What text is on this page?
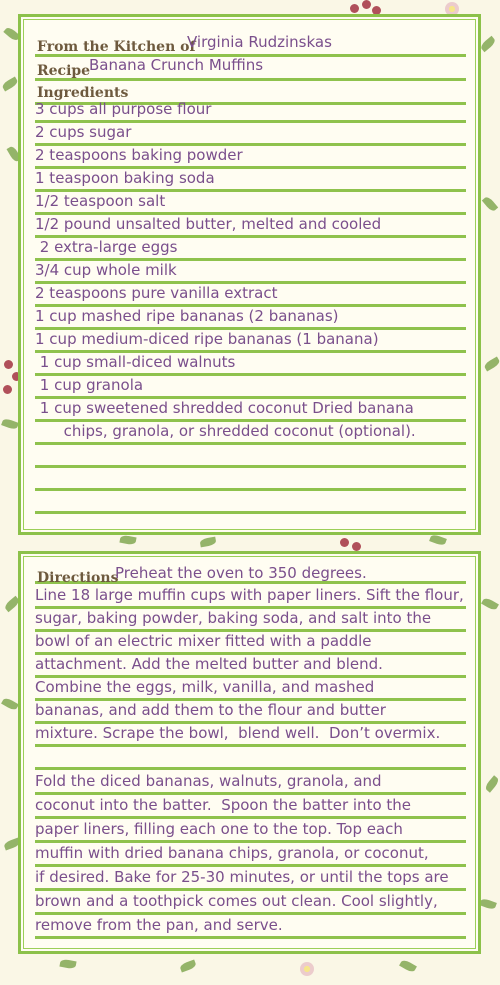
From the Kitchen of
Virginia Rudzinskas
Recipe
Banana Crunch Muffins
Ingredients
3 cups all purpose flour
2 cups sugar
2 teaspoons baking powder
1 teaspoon baking soda
1/2 teaspoon salt
1/2 pound unsalted butter, melted and cooled
2 extra-large eggs
3/4 cup whole milk
2 teaspoons pure vanilla extract
1 cup mashed ripe bananas (2 bananas)
1 cup medium-diced ripe bananas (1 banana)
1 cup small-diced walnuts
1 cup granola
1 cup sweetened shredded coconut Dried banana
chips, granola, or shredded coconut (optional).
Directions
Preheat the oven to 350 degrees.
Line 18 large muffin cups with paper liners. Sift the flour,
sugar, baking powder, baking soda, and salt into the
bowl of an electric mixer fitted with a paddle
attachment. Add the melted butter and blend.
Combine the eggs, milk, vanilla, and mashed
bananas, and add them to the flour and butter
mixture. Scrape the bowl,  blend well.  Don’t overmix.
Fold the diced bananas, walnuts, granola, and
coconut into the batter.  Spoon the batter into the
paper liners, filling each one to the top. Top each
muffin with dried banana chips, granola, or coconut,
if desired. Bake for 25-30 minutes, or until the tops are
brown and a toothpick comes out clean. Cool slightly,
remove from the pan, and serve.
